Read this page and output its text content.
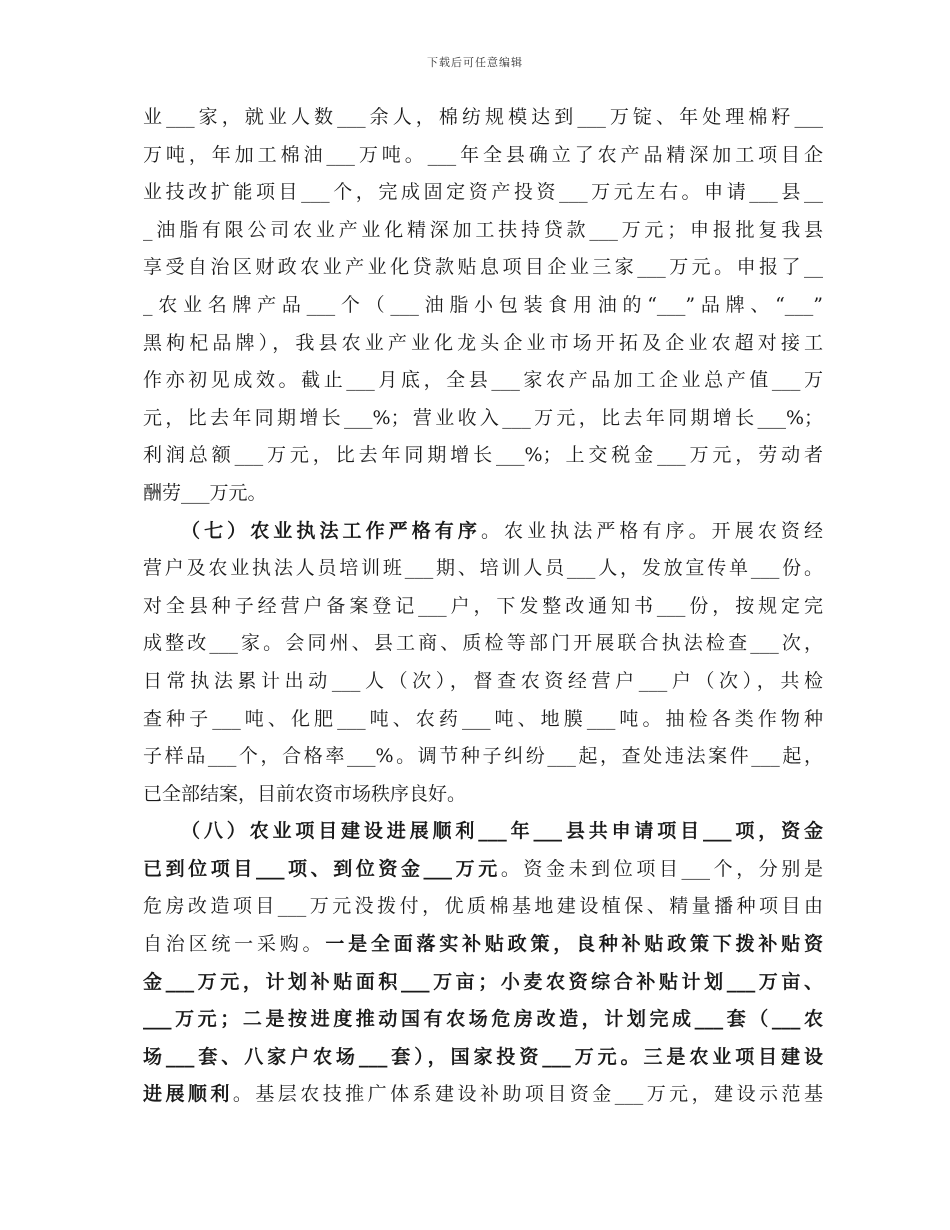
下载后可任意编辑
业___家，就业人数___余人，棉纺规模达到___万锭、年处理棉籽___
万吨，年加工棉油___万吨。___年全县确立了农产品精深加工项目企
业技改扩能项目___个，完成固定资产投资___万元左右。申请___县__
_油脂有限公司农业产业化精深加工扶持贷款___万元；申报批复我县
享受自治区财政农业产业化贷款贴息项目企业三家___万元。申报了__
_农业名牌产品___个（___油脂小包装食用油的“___”品牌、“___”
黑枸杞品牌），我县农业产业化龙头企业市场开拓及企业农超对接工
作亦初见成效。截止___月底，全县___家农产品加工企业总产值___万
元，比去年同期增长___%；营业收入___万元，比去年同期增长___%；
利润总额___万元，比去年同期增长___%；上交税金___万元，劳动者
酬劳___万元。
（七）农业执法工作严格有序。农业执法严格有序。开展农资经
营户及农业执法人员培训班___期、培训人员___人，发放宣传单___份。
对全县种子经营户备案登记___户，下发整改通知书___份，按规定完
成整改___家。会同州、县工商、质检等部门开展联合执法检查___次，
日常执法累计出动___人（次），督查农资经营户___户（次），共检
查种子___吨、化肥___吨、农药___吨、地膜___吨。抽检各类作物种
子样品___个，合格率___%。调节种子纠纷___起，查处违法案件___起，
已全部结案，目前农资市场秩序良好。
（八）农业项目建设进展顺利___年___县共申请项目___项，资金
已到位项目___项、到位资金___万元。资金未到位项目___个，分别是
危房改造项目___万元没拨付，优质棉基地建设植保、精量播种项目由
自治区统一采购。一是全面落实补贴政策，良种补贴政策下拨补贴资
金___万元，计划补贴面积___万亩；小麦农资综合补贴计划___万亩、
___万元；二是按进度推动国有农场危房改造，计划完成___套（___农
场___套、八家户农场___套），国家投资___万元。三是农业项目建设
进展顺利。基层农技推广体系建设补助项目资金___万元，建设示范基
